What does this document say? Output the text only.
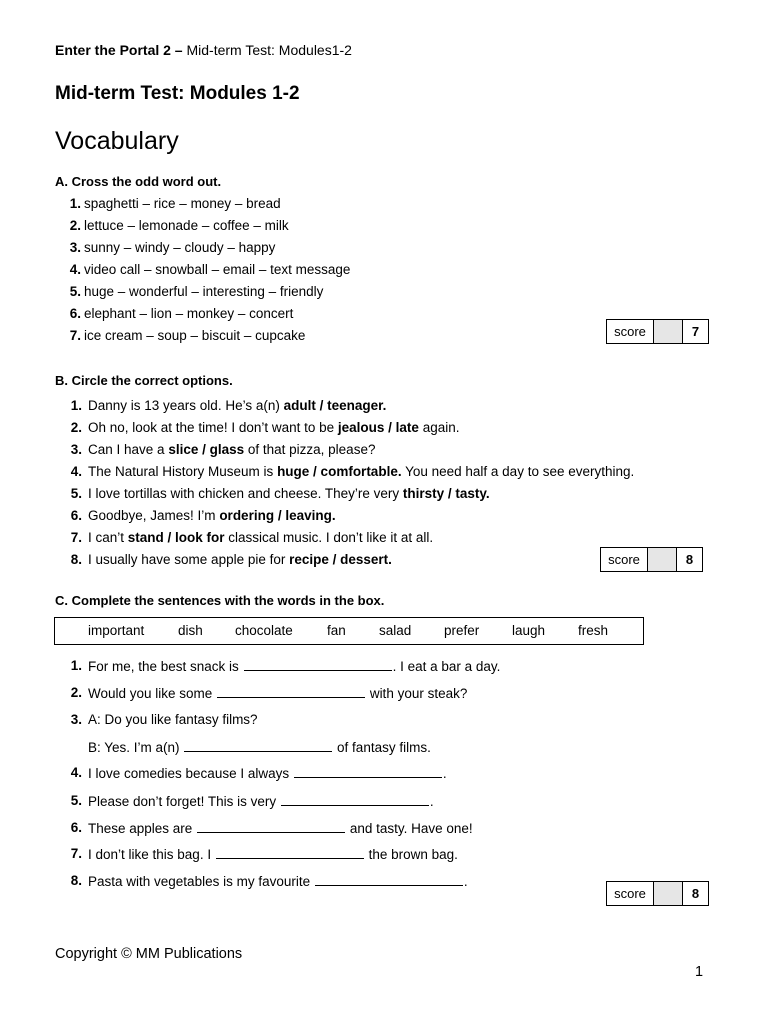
Enter the Portal 2 – Mid-term Test: Modules1-2
Mid-term Test: Modules 1-2
Vocabulary
A. Cross the odd word out.
1. spaghetti – rice – money – bread
2. lettuce – lemonade – coffee – milk
3. sunny – windy – cloudy – happy
4. video call – snowball – email – text message
5. huge – wonderful – interesting – friendly
6. elephant – lion – monkey – concert
7. ice cream – soup – biscuit – cupcake	score	7
B. Circle the correct options.
1. Danny is 13 years old. He’s a(n) adult / teenager.
2. Oh no, look at the time! I don’t want to be jealous / late again.
3. Can I have a slice / glass of that pizza, please?
4. The Natural History Museum is huge / comfortable. You need half a day to see everything.
5. I love tortillas with chicken and cheese. They’re very thirsty / tasty.
6. Goodbye, James! I’m ordering / leaving.
7. I can’t stand / look for classical music. I don’t like it at all.
8. I usually have some apple pie for recipe / dessert.	score	8
C. Complete the sentences with the words in the box.
important dish chocolate	fan salad prefer laugh fresh
1. For me, the best snack is	. I eat a bar a day.
2. Would you like some	with your steak?
3. A: Do you like fantasy films?
B: Yes. I’m a(n)	of fantasy films.
4. I love comedies because I always	.
5. Please don’t forget! This is very	.
6. These apples are	and tasty. Have one!
7. I don’t like this bag. I	the brown bag.
8. Pasta with vegetables is my favourite	.
score	8
Copyright © MM Publications
1
